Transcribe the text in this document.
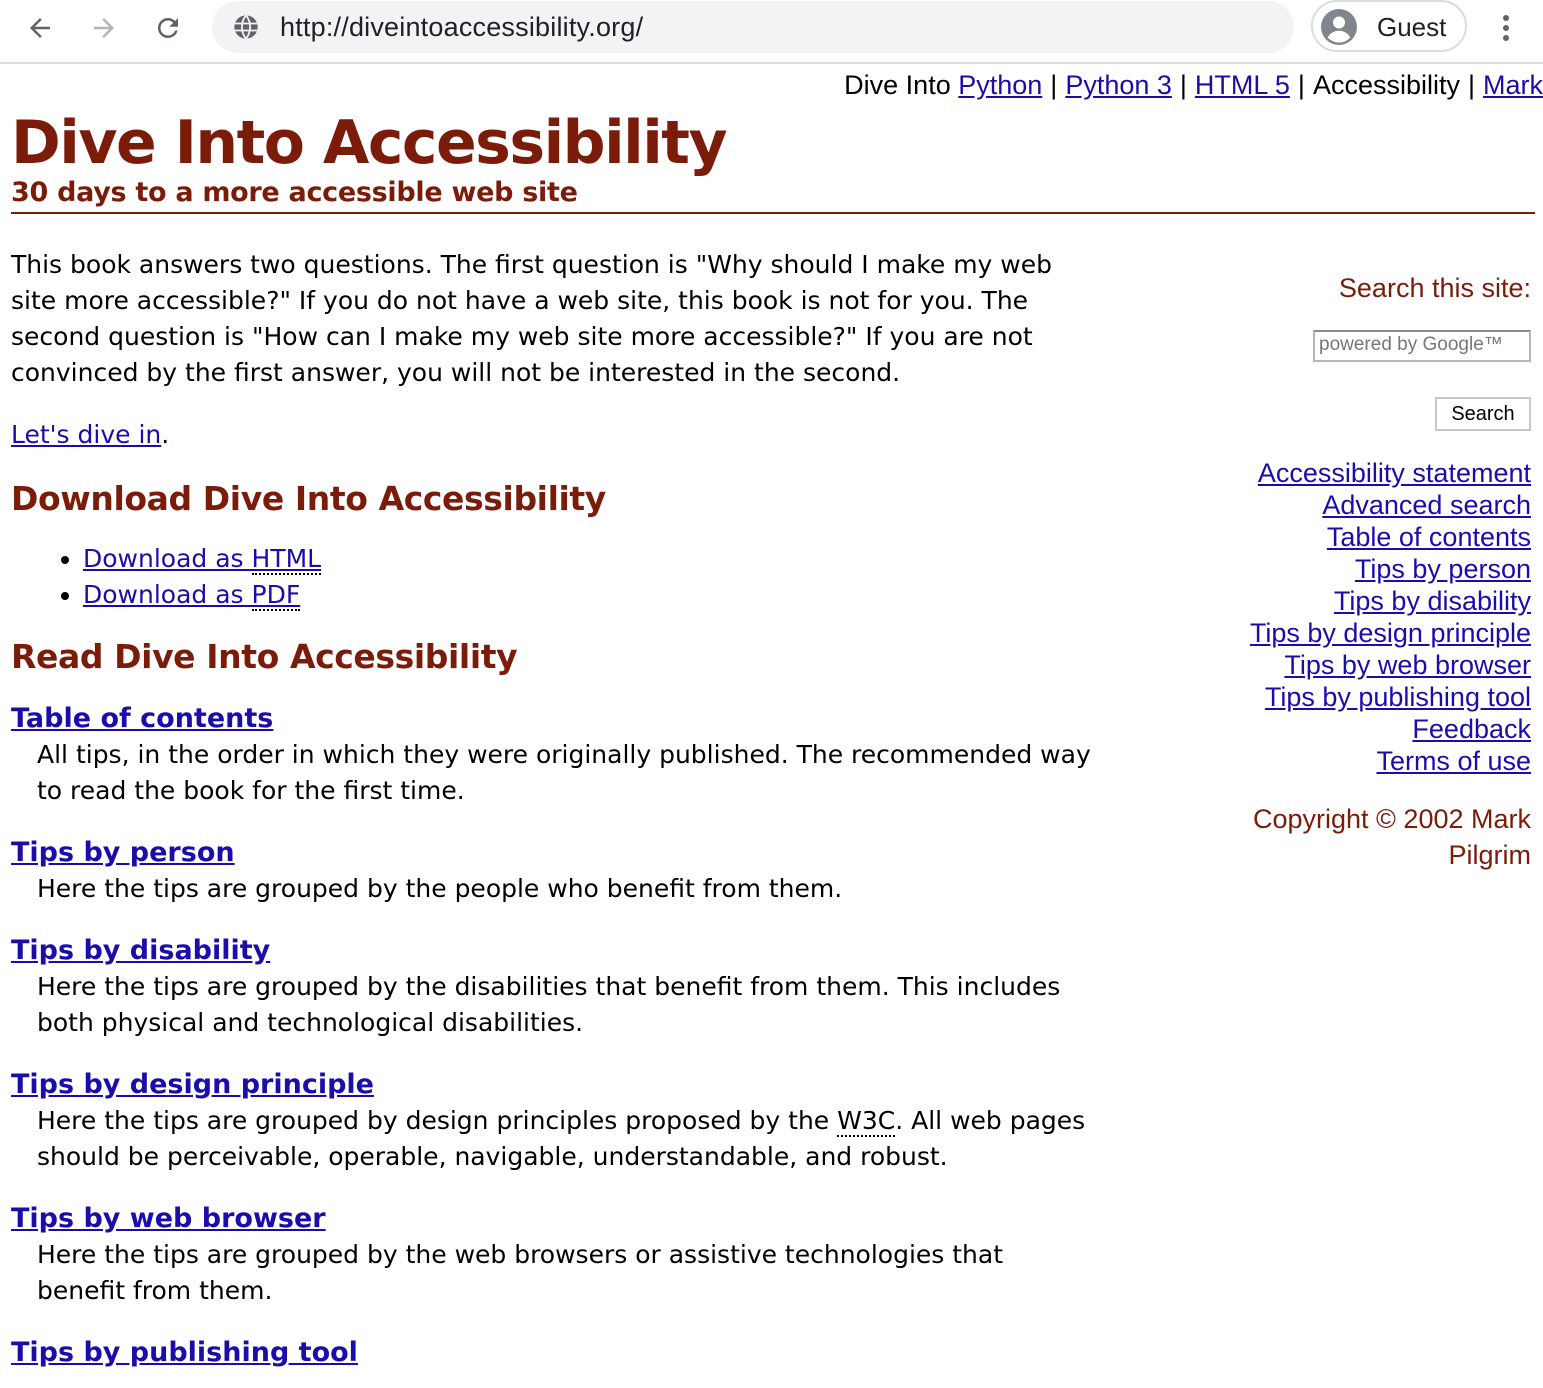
http://diveintoaccessibility.org/	Guest
Dive Into Python | Python 3 | HTML 5 | Accessibility | Mark
Dive Into Accessibility
30 days to a more accessible web site

This book answers two questions. The first question is "Why should I make my web site more accessible?" If you do not have a web site, this book is not for you. The second question is "How can I make my web site more accessible?" If you are not convinced by the first answer, you will not be interested in the second.

Let's dive in.

Download Dive Into Accessibility
• Download as HTML
• Download as PDF
Read Dive Into Accessibility
Table of contents

All tips, in the order in which they were originally published. The recommended way to read the book for the first time.

Tips by person

Here the tips are grouped by the people who benefit from them.

Tips by disability

Here the tips are grouped by the disabilities that benefit from them. This includes both physical and technological disabilities.

Tips by design principle

Here the tips are grouped by design principles proposed by the W3C. All web pages should be perceivable, operable, navigable, understandable, and robust.

Tips by web browser

Here the tips are grouped by the web browsers or assistive technologies that benefit from them.

Tips by publishing tool
Search this site:
powered by Google™
Search
Accessibility statement
Advanced search
Table of contents
Tips by person
Tips by disability
Tips by design principle
Tips by web browser
Tips by publishing tool
Feedback
Terms of use
Copyright © 2002 Mark Pilgrim
